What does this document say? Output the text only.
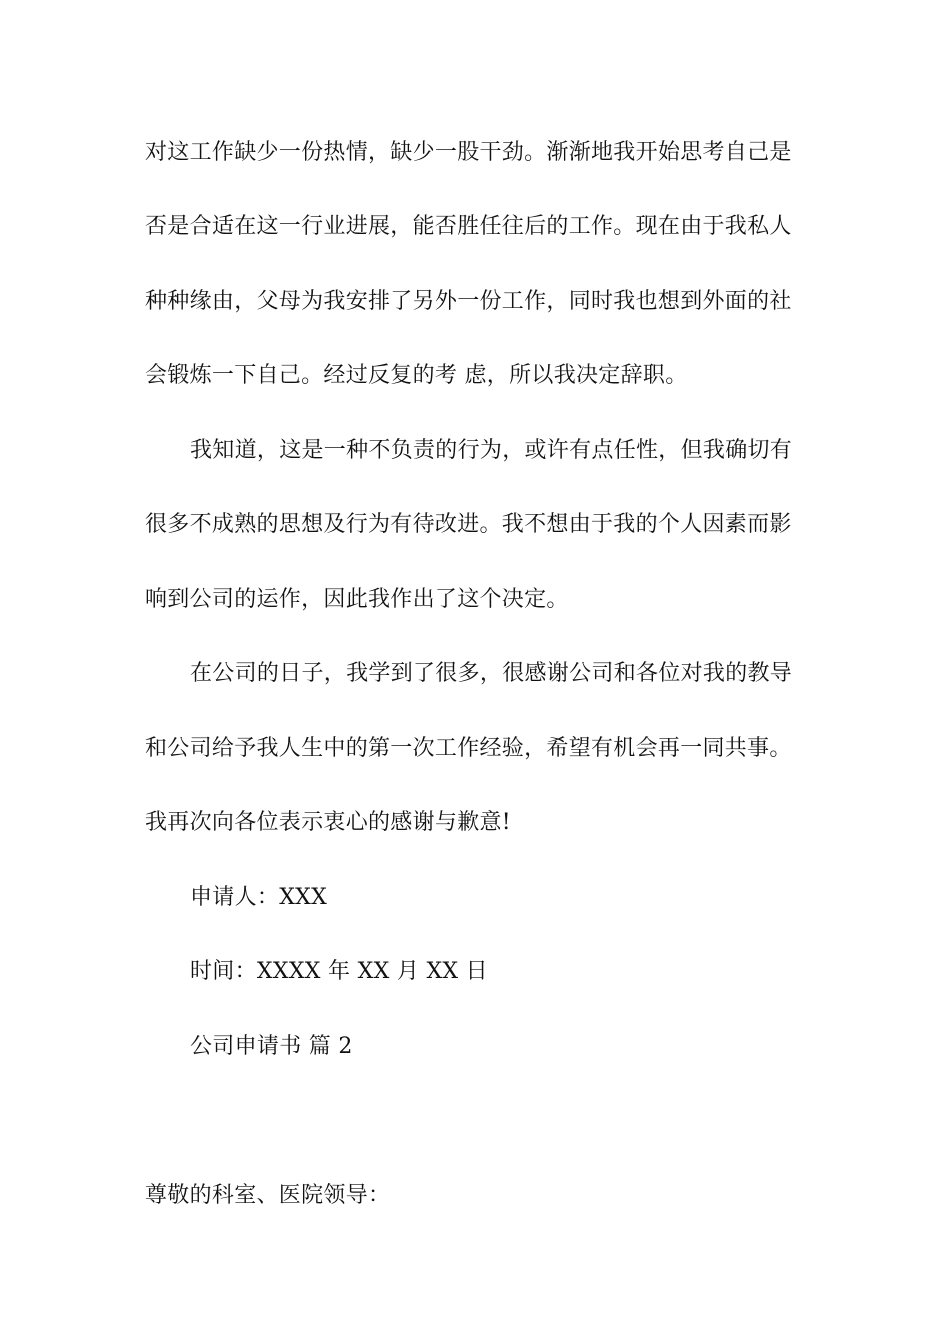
对这工作缺少一份热情，缺少一股干劲。渐渐地我开始思考自己是
否是合适在这一行业进展，能否胜任往后的工作。现在由于我私人
种种缘由，父母为我安排了另外一份工作，同时我也想到外面的社
会锻炼一下自己。经过反复的考 虑，所以我决定辞职。
我知道，这是一种不负责的行为，或许有点任性，但我确切有
很多不成熟的思想及行为有待改进。我不想由于我的个人因素而影
响到公司的运作，因此我作出了这个决定。
在公司的日子，我学到了很多，很感谢公司和各位对我的教导
和公司给予我人生中的第一次工作经验，希望有机会再一同共事。
我再次向各位表示衷心的感谢与歉意!
申请人：XXX
时间：XXXX 年 XX 月 XX 日
公司申请书 篇 2
尊敬的科室、医院领导：
